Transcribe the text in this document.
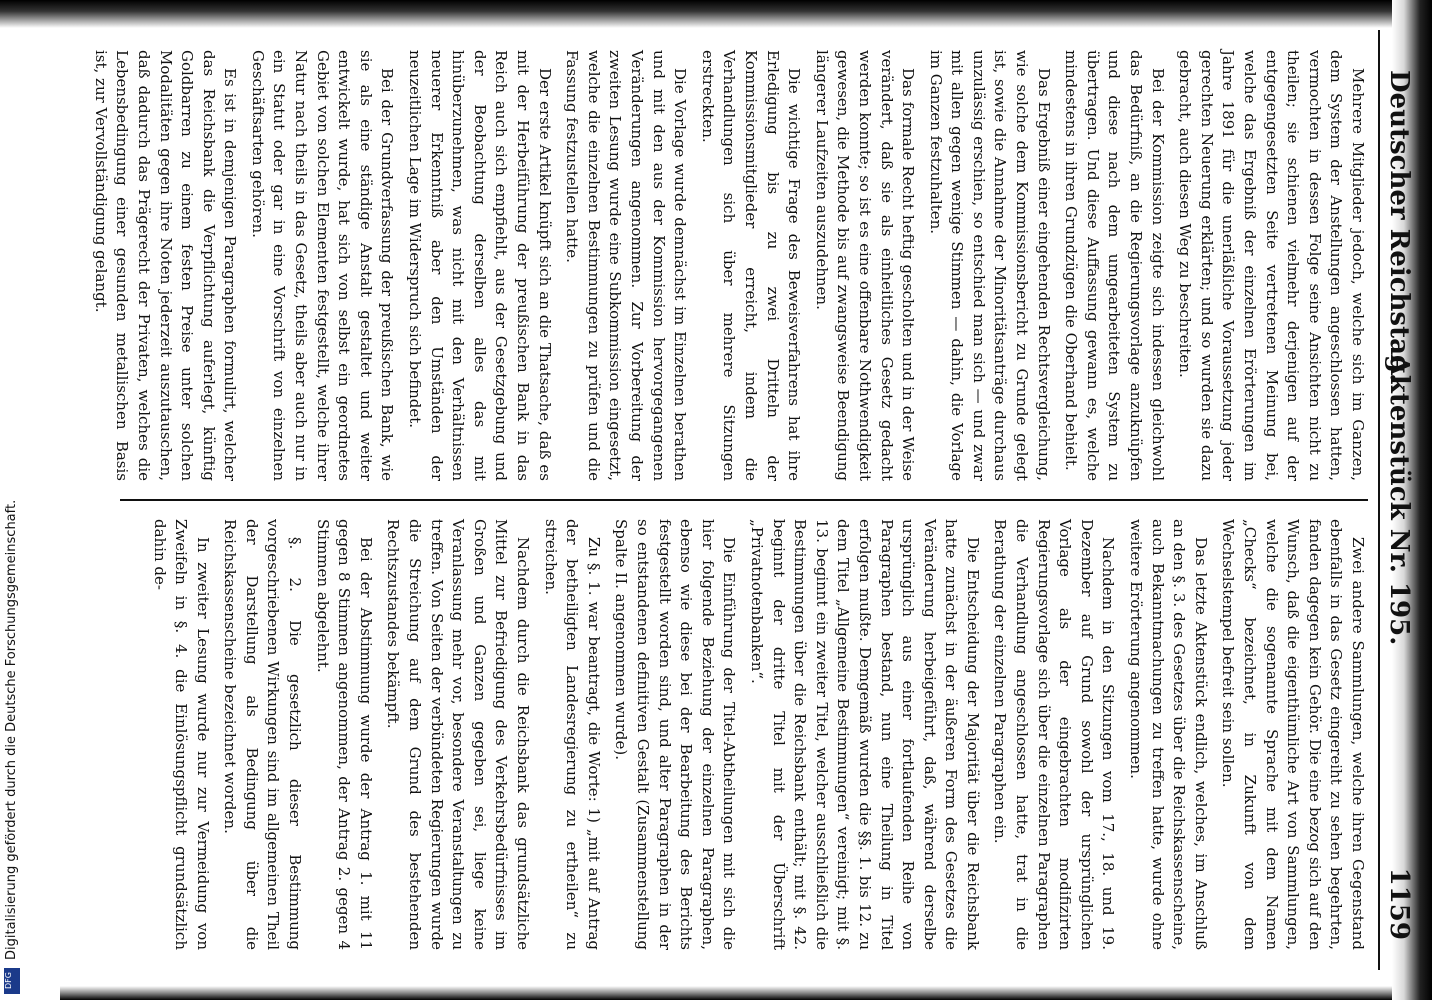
Deutscher Reichstag.
Aktenstück Nr. 195.
1159

Mehrere Mitglieder jedoch, welche sich im Ganzen, dem System der Anstellungen angeschlossen hatten, vermochten in dessen Folge seine Ansichten nicht zu theilen; sie schienen vielmehr derjenigen auf der entgegengesetzten Seite vertretenen Meinung bei, welche das Ergebniß der einzelnen Erörterungen im Jahre 1891 für die unerläßliche Voraussetzung jeder gerechten Neuerung erklärten; und so wurden sie dazu gebracht, auch diesen Weg zu beschreiten.

Bei der Kommission zeigte sich indessen gleichwohl das Bedürfniß, an die Regierungsvorlage anzuknüpfen und diese nach dem umgearbeiteten System zu übertragen. Und diese Auffassung gewann es, welche mindestens in ihren Grundzügen die Oberhand behielt.

Das Ergebniß einer eingehenden Rechtsvergleichung, wie solche dem Kommissionsbericht zu Grunde gelegt ist, sowie die Annahme der Minoritätsanträge durchaus unzulässig erschien, so entschied man sich — und zwar mit allen gegen wenige Stimmen — dahin, die Vorlage im Ganzen festzuhalten.

Das formale Recht heftig gescholten und in der Weise verändert, daß sie als einheitliches Gesetz gedacht werden konnte; so ist es eine offenbare Nothwendigkeit gewesen, die Methode bis auf zwangsweise Beendigung längerer Laufzeiten auszudehnen.

Die wichtige Frage des Beweisverfahrens hat ihre Erledigung bis zu zwei Dritteln der Kommissionsmitglieder erreicht, indem die Verhandlungen sich über mehrere Sitzungen erstreckten.

Die Vorlage wurde demnächst im Einzelnen berathen und mit den aus der Kommission hervorgegangenen Veränderungen angenommen. Zur Vorbereitung der zweiten Lesung wurde eine Subkommission eingesetzt, welche die einzelnen Bestimmungen zu prüfen und die Fassung festzustellen hatte.

Der erste Artikel knüpft sich an die Thatsache, daß es mit der Herbeiführung der preußischen Bank in das Reich auch sich empfiehlt, aus der Gesetzgebung und der Beobachtung derselben alles das mit hinüberzunehmen, was nicht mit den Verhältnissen neuerer Erkenntniß aber den Umständen der neuzeitlichen Lage im Widerspruch sich befindet.

Bei der Grundverfassung der preußischen Bank, wie sie als eine ständige Anstalt gestaltet und weiter entwickelt wurde, hat sich von selbst ein geordnetes Gebiet von solchen Elementen festgestellt, welche ihrer Natur nach theils in das Gesetz, theils aber auch nur in ein Statut oder gar in eine Vorschrift von einzelnen Geschäftsarten gehören.

Es ist in demjenigen Paragraphen formulirt, welcher das Reichsbank die Verpflichtung auferlegt, künftig Goldbarren zu einem festen Preise unter solchen Modalitäten gegen ihre Noten jederzeit auszutauschen, daß dadurch das Prägerecht der Privaten, welches die Lebensbedingung einer gesunden metallischen Basis ist, zur Vervollständigung gelangt.

Zwei andere Sammlungen, welche ihren Gegenstand ebenfalls in das Gesetz eingereiht zu sehen begehrten, fanden dagegen kein Gehör. Die eine bezog sich auf den Wunsch, daß die eigenthümliche Art von Sammlungen, welche die sogenannte Sprache mit dem Namen „Checks“ bezeichnet, in Zukunft von dem Wechselstempel befreit sein sollen.

Das letzte Aktenstück endlich, welches, im Anschluß an den §. 3. des Gesetzes über die Reichskassenscheine, auch Bekanntmachungen zu treffen hatte, wurde ohne weitere Erörterung angenommen.

Nachdem in den Sitzungen vom 17., 18. und 19. Dezember auf Grund sowohl der ursprünglichen Vorlage als der eingebrachten modifizirten Regierungsvorlage sich über die einzelnen Paragraphen die Verhandlung angeschlossen hatte, trat in die Berathung der einzelnen Paragraphen ein.

Die Entscheidung der Majorität über die Reichsbank hatte zunächst in der äußeren Form des Gesetzes die Veränderung herbeigeführt, daß, während derselbe ursprünglich aus einer fortlaufenden Reihe von Paragraphen bestand, nun eine Theilung in Titel erfolgen mußte. Demgemäß wurden die §§. 1. bis 12. zu dem Titel „Allgemeine Bestimmungen“ vereinigt; mit §. 13. beginnt ein zweiter Titel, welcher ausschließlich die Bestimmungen über die Reichsbank enthält; mit §. 42. beginnt der dritte Titel mit der Überschrift „Privatnotenbanken“.

Die Einführung der Titel-Abtheilungen mit sich die hier folgende Beziehung der einzelnen Paragraphen, ebenso wie diese bei der Bearbeitung des Berichts festgestellt worden sind, und alter Paragraphen in der so entstandenen definitiven Gestalt (Zusammenstellung Spalte II. angenommen wurde).

Zu §. 1. war beantragt, die Worte: 1) „mit auf Antrag der betheiligten Landesregierung zu ertheilen“ zu streichen.

Nachdem durch die Reichsbank das grundsätzliche Mittel zur Befriedigung des Verkehrsbedürfnisses im Großen und Ganzen gegeben sei, liege keine Veranlassung mehr vor, besondere Veranstaltungen zu treffen. Von Seiten der verbündeten Regierungen wurde die Streichung auf dem Grund des bestehenden Rechtszustandes bekämpft.

Bei der Abstimmung wurde der Antrag 1. mit 11 gegen 8 Stimmen angenommen, der Antrag 2. gegen 4 Stimmen abgelehnt.

§. 2. Die gesetzlich dieser Bestimmung vorgeschriebenen Wirkungen sind im allgemeinen Theil der Darstellung als Bedingung über die Reichskassenscheine bezeichnet worden.

In zweiter Lesung wurde nur zur Vermeidung von Zweifeln in §. 4. die Einlösungspflicht grundsätzlich dahin de-

Digitalisierung gefördert durch die Deutsche Forschungsgemeinschaft.
DFG
